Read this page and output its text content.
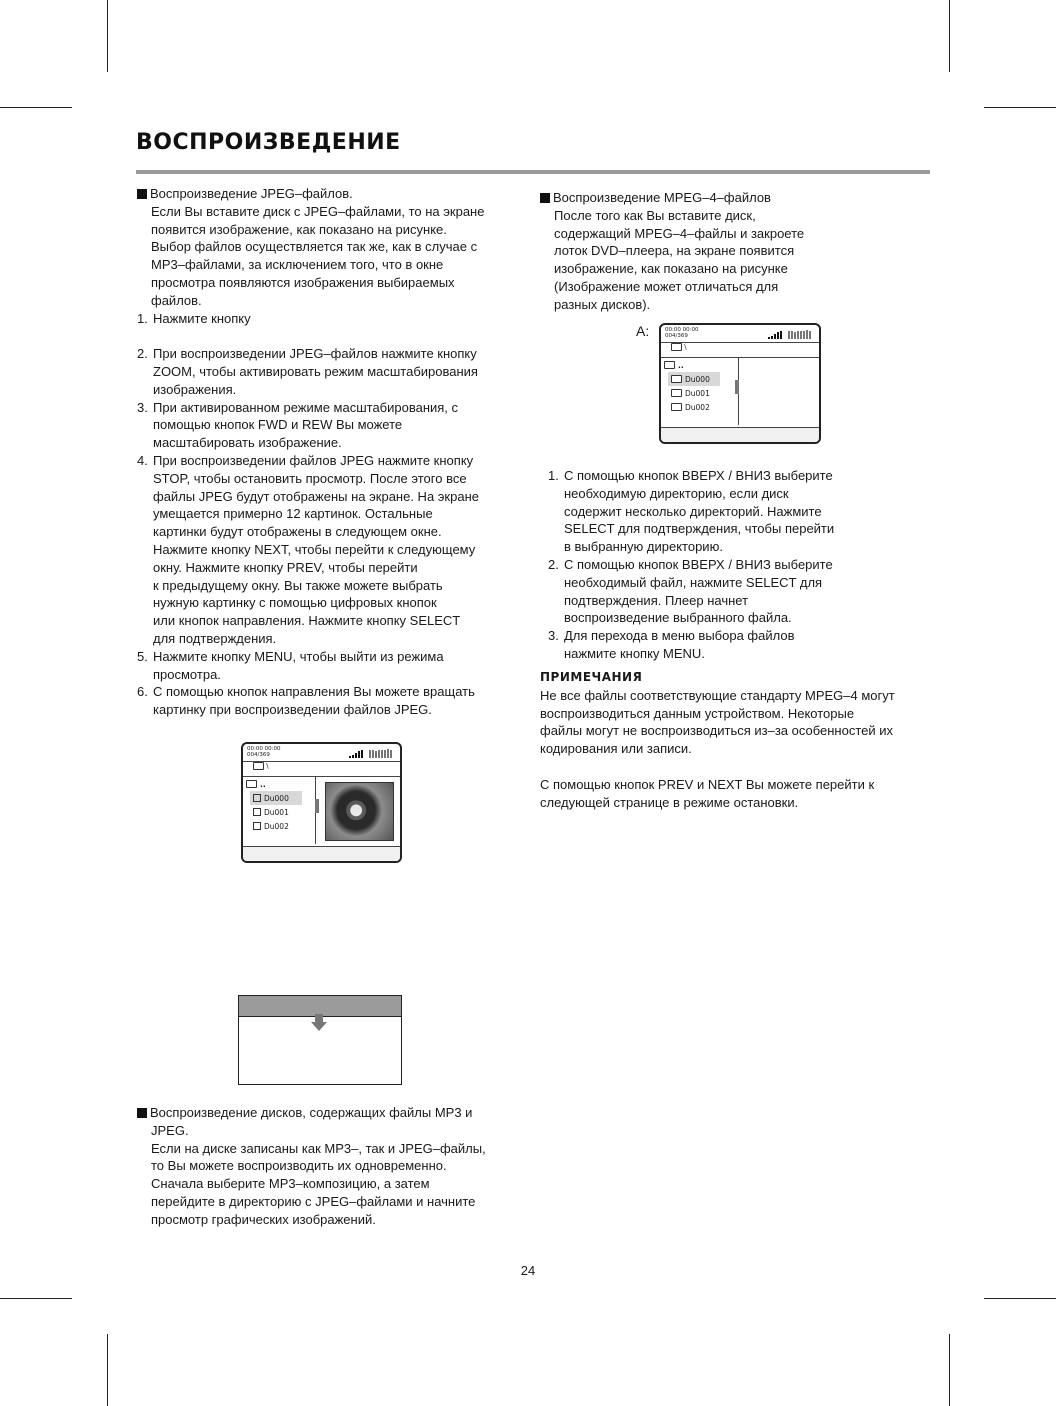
ВОСПРОИЗВЕДЕНИЕ

Воспроизведение JPEG–файлов.

Если Вы вставите диск с JPEG–файлами, то на экране
появится изображение, как показано на рисунке.
Выбор файлов осуществляется так же, как в случае с
MP3–файлами, за исключением того, что в окне
просмотра появляются изображения выбираемых
файлов.
1. Нажмите кнопку
2. При воспроизведении JPEG–файлов нажмите кнопку
ZOOM, чтобы активировать режим масштабирования
изображения.
3. При активированном режиме масштабирования, с
помощью кнопок FWD и REW Вы можете
масштабировать изображение.
4. При воспроизведении файлов JPEG нажмите кнопку
STOP, чтобы остановить просмотр. После этого все
файлы JPEG будут отображены на экране. На экране
умещается примерно 12 картинок. Остальные
картинки будут отображены в следующем окне.
Нажмите кнопку NEXT, чтобы перейти к следующему
окну. Нажмите кнопку PREV, чтобы перейти
к предыдущему окну. Вы также можете выбрать
нужную картинку с помощью цифровых кнопок
или кнопок направления. Нажмите кнопку SELECT
для подтверждения.
5. Нажмите кнопку MENU, чтобы выйти из режима
просмотра.
6. С помощью кнопок направления Вы можете вращать
картинку при воспроизведении файлов JPEG.
00:00 00:00
004/369
\
..
Du000
Du001
Du002

Воспроизведение дисков, содержащих файлы MP3 и

JPEG.
Если на диске записаны как MP3–, так и JPEG–файлы,
то Вы можете воспроизводить их одновременно.
Сначала выберите MP3–композицию, а затем
перейдите в директорию с JPEG–файлами и начните
просмотр графических изображений.

Воспроизведение MPEG–4–файлов

После того как Вы вставите диск,
содержащий MPEG–4–файлы и закроете
лоток DVD–плеера, на экране появится
изображение, как показано на рисунке
(Изображение может отличаться для
разных дисков).
A:	00:00 00:00
004/369
\
..
Du000
Du001
Du002
1. С помощью кнопок ВВЕРХ / ВНИЗ выберите
необходимую директорию, если диск
содержит несколько директорий. Нажмите
SELECT для подтверждения, чтобы перейти
в выбранную директорию.
2. С помощью кнопок ВВЕРХ / ВНИЗ выберите
необходимый файл, нажмите SELECT для
подтверждения. Плеер начнет
воспроизведение выбранного файла.
3. Для перехода в меню выбора файлов
нажмите кнопку MENU.
ПРИМЕЧАНИЯ
Не все файлы соответствующие стандарту MPEG–4 могут
воспроизводиться данным устройством. Некоторые
файлы могут не воспроизводиться из–за особенностей их
кодирования или записи.
С помощью кнопок PREV и NEXT Вы можете перейти к
следующей странице в режиме остановки.
24
